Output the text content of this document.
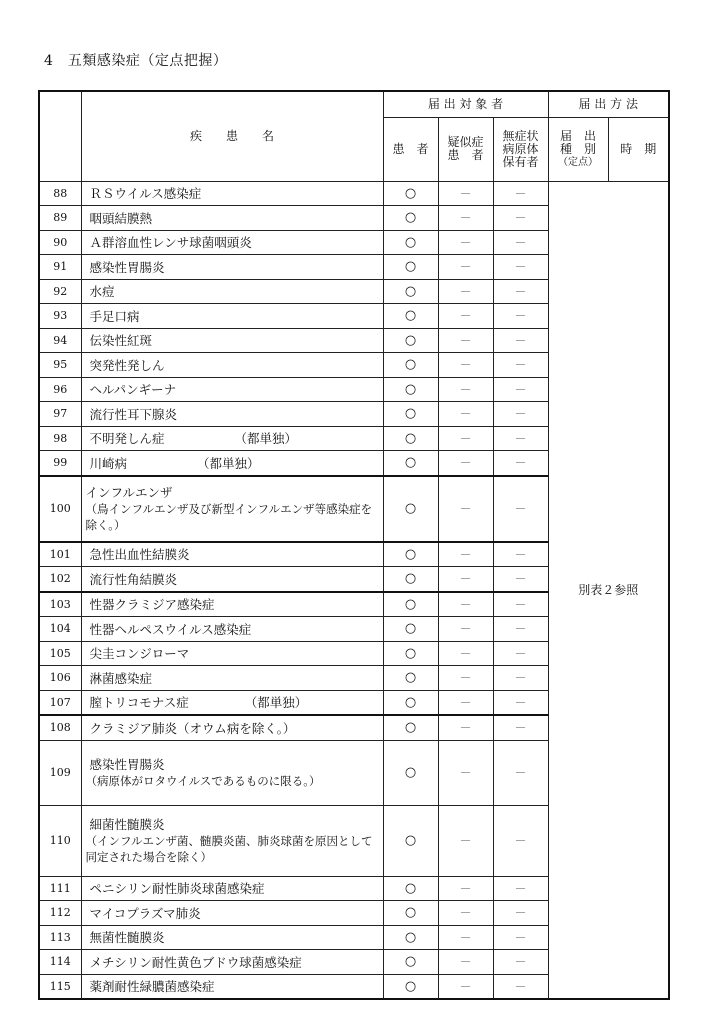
4　五類感染症（定点把握）
	疾　　患　　名	届 出 対 象 者			届 出 方 法	
		患　者	疑似症 患　者	無症状 病原体 保有者	届　出
種　別
（定点）	時　期
88	ＲＳウイルス感染症	○	－	－	別表２参照	
89	咽頭結膜熱	○	－	－		
90	Ａ群溶血性レンサ球菌咽頭炎	○	－	－		
91	感染性胃腸炎	○	－	－		
92	水痘	○	－	－		
93	手足口病	○	－	－		
94	伝染性紅斑	○	－	－		
95	突発性発しん	○	－	－		
96	ヘルパンギーナ	○	－	－		
97	流行性耳下腺炎	○	－	－		
98	不明発しん症 （都単独）	○	－	－		
99	川崎病 （都単独）	○	－	－		
100	インフルエンザ
（鳥インフルエンザ及び新型インフルエンザ等感染症を除く。）	○	－	－		
101	急性出血性結膜炎	○	－	－		
102	流行性角結膜炎	○	－	－		
103	性器クラミジア感染症	○	－	－		
104	性器ヘルペスウイルス感染症	○	－	－		
105	尖圭コンジローマ	○	－	－		
106	淋菌感染症	○	－	－		
107	膣トリコモナス症 （都単独）	○	－	－		
108	クラミジア肺炎（オウム病を除く。）	○	－	－		
109	感染性胃腸炎
（病原体がロタウイルスであるものに限る。）	○	－	－		
110	細菌性髄膜炎
（インフルエンザ菌、髄膜炎菌、肺炎球菌を原因として同定された場合を除く）	○	－	－		
111	ペニシリン耐性肺炎球菌感染症	○	－	－		
112	マイコプラズマ肺炎	○	－	－		
113	無菌性髄膜炎	○	－	－		
114	メチシリン耐性黄色ブドウ球菌感染症	○	－	－		
115	薬剤耐性緑膿菌感染症	○	－	－		
